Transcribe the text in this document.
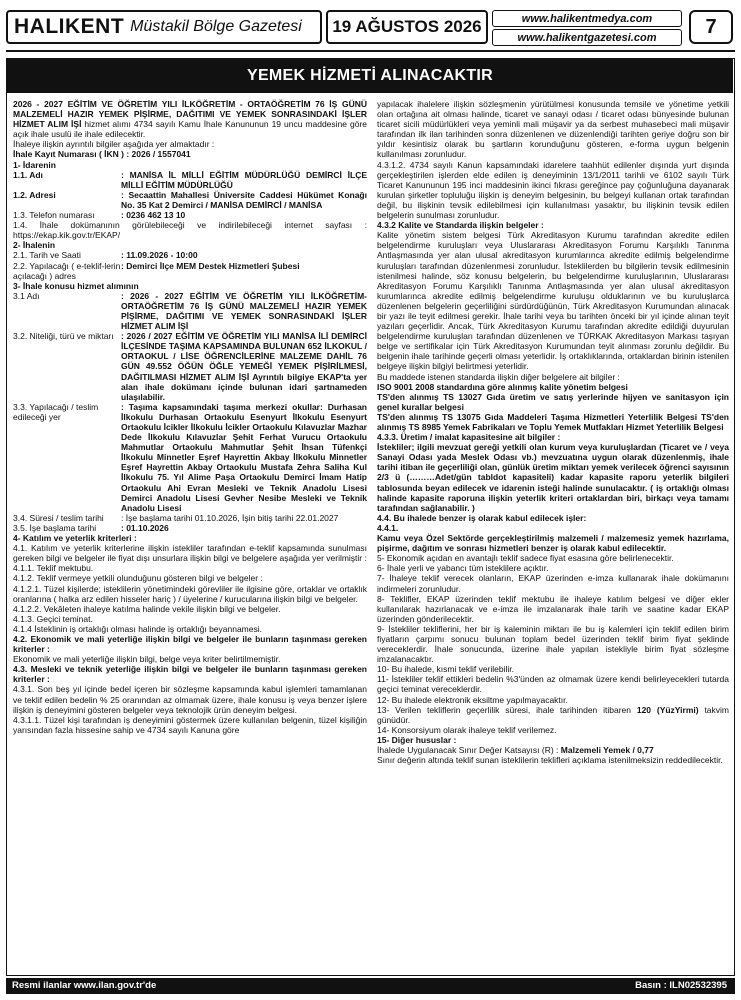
HALIKENT Müstakil Bölge Gazetesi	19 AĞUSTOS 2026	www.halikentmedya.com
www.halikentgazetesi.com	7
YEMEK HİZMETİ ALINACAKTIR

2026 - 2027 EĞİTİM VE ÖĞRETİM YILI İLKÖĞRETİM - ORTAÖĞRETİM 76 İŞ GÜNÜ MALZEMELİ HAZIR YEMEK PİŞİRME, DAĞITIMI VE YEMEK SONRASINDAKİ İŞLER HİZMET ALIM İŞİ hizmet alımı 4734 sayılı Kamu İhale Kanununun 19 uncu maddesine göre açık ihale usulü ile ihale edilecektir.

İhaleye ilişkin ayrıntılı bilgiler aşağıda yer almaktadır :

İhale Kayıt Numarası ( İKN ) : 2026 / 1557041

1- İdarenin

1.1. Adı	: MANİSA İL MİLLİ EĞİTİM MÜDÜRLÜĞÜ DEMİRCİ İLÇE MİLLİ EĞİTİM MÜDÜRLÜĞÜ
1.2. Adresi	: Secaattin Mahallesi Üniversite Caddesi Hükümet Konağı No. 35 Kat 2 Demirci / MANİSA DEMİRCİ / MANİSA
1.3. Telefon numarası	: 0236 462 13 10

1.4. İhale dokümanının görülebileceği ve indirilebileceği internet sayfası : https://ekap.kik.gov.tr/EKAP/

2- İhalenin

2.1. Tarih ve Saati	: 11.09.2026 - 10:00
2.2. Yapılacağı ( e-teklif-lerin açılacağı ) adres
: Demirci İlçe MEM Destek Hizmetleri Şubesi

3- İhale konusu hizmet alımının

3.1 Adı	: 2026 - 2027 EĞİTİM VE ÖĞRETİM YILI İLKÖĞRETİM-ORTAÖĞRETİM 76 İŞ GÜNÜ MALZEMELİ HAZIR YEMEK PİŞİRME, DAĞITIMI VE YEMEK SONRASINDAKİ İŞLER HİZMET ALIM İŞİ
3.2. Niteliği, türü ve miktarı : 2026 / 2027 EĞİTİM VE ÖĞRETİM YILI MANİSA İLİ DEMİRCİ İLÇESİNDE TAŞIMA KAPSAMINDA BULUNAN 652 İLKOKUL / ORTAOKUL / LİSE ÖĞRENCİLERİNE MALZEME DAHİL 76 GÜN 49.552 ÖĞÜN ÖĞLE YEMEĞİ YEMEK PİŞİRİLMESİ, DAĞITILMASI HİZMET ALIM İŞİ Ayrıntılı bilgiye EKAP'ta yer alan ihale dokümanı içinde bulunan idari şartnameden ulaşılabilir.
3.3. Yapılacağı / teslim edileceği yer
: Taşıma kapsamındaki taşıma merkezi okullar: Durhasan İlkokulu Durhasan Ortaokulu Esenyurt İlkokulu Esenyurt Ortaokulu İcikler İlkokulu İcikler Ortaokulu Kılavuzlar Mazhar Dede İlkokulu Kılavuzlar Şehit Ferhat Vurucu Ortaokulu Mahmutlar Ortaokulu Mahmutlar Şehit İhsan Tüfenkçi İlkokulu Minnetler Eşref Hayrettin Akbay İlkokulu Minnetler Eşref Hayrettin Akbay Ortaokulu Mustafa Zehra Saliha Kul İlkokulu 75. Yıl Alime Paşa Ortaokulu Demirci İmam Hatip Ortaokulu Ahi Evran Mesleki ve Teknik Anadolu Lisesi Demirci Anadolu Lisesi Gevher Nesibe Mesleki ve Teknik Anadolu Lisesi
3.4. Süresi / teslim tarihi	: İşe başlama tarihi 01.10.2026, İşin bitiş tarihi 22.01.2027
3.5. İşe başlama tarihi	: 01.10.2026

4- Katılım ve yeterlik kriterleri :

4.1. Katılım ve yeterlik kriterlerine ilişkin istekliler tarafından e-teklif kapsamında sunulması gereken bilgi ve belgeler ile fiyat dışı unsurlara ilişkin bilgi ve belgelere aşağıda yer verilmiştir :

4.1.1. Teklif mektubu.

4.1.2. Teklif vermeye yetkili olunduğunu gösteren bilgi ve belgeler :

4.1.2.1. Tüzel kişilerde; isteklilerin yönetimindeki görevliler ile ilgisine göre, ortaklar ve ortaklık oranlarına ( halka arz edilen hisseler hariç ) / üyelerine / kurucularına ilişkin bilgi ve belgeler.

4.1.2.2. Vekâleten ihaleye katılma halinde vekile ilişkin bilgi ve belgeler.

4.1.3. Geçici teminat.

4.1.4 İsteklinin iş ortaklığı olması halinde iş ortaklığı beyannamesi.

4.2. Ekonomik ve mali yeterliğe ilişkin bilgi ve belgeler ile bunların taşınması gereken kriterler :

Ekonomik ve mali yeterliğe ilişkin bilgi, belge veya kriter belirtilmemiştir.

4.3. Mesleki ve teknik yeterliğe ilişkin bilgi ve belgeler ile bunların taşınması gereken kriterler :

4.3.1. Son beş yıl içinde bedel içeren bir sözleşme kapsamında kabul işlemleri tamamlanan ve teklif edilen bedelin % 25 oranından az olmamak üzere, ihale konusu iş veya benzer işlere ilişkin iş deneyimini gösteren belgeler veya teknolojik ürün deneyim belgesi.

4.3.1.1. Tüzel kişi tarafından iş deneyimini göstermek üzere kullanılan belgenin, tüzel kişiliğin yarısından fazla hissesine sahip ve 4734 sayılı Kanuna göre

yapılacak ihalelere ilişkin sözleşmenin yürütülmesi konusunda temsile ve yönetime yetkili olan ortağına ait olması halinde, ticaret ve sanayi odası / ticaret odası bünyesinde bulunan ticaret sicili müdürlükleri veya yeminli mali müşavir ya da serbest muhasebeci mali müşavir tarafından ilk ilan tarihinden sonra düzenlenen ve düzenlendiği tarihten geriye doğru son bir yıldır kesintisiz olarak bu şartların korunduğunu gösteren, e-forma uygun belgenin kullanılması zorunludur.

4.3.1.2. 4734 sayılı Kanun kapsamındaki idarelere taahhüt edilenler dışında yurt dışında gerçekleştirilen işlerden elde edilen iş deneyiminin 13/1/2011 tarihli ve 6102 sayılı Türk Ticaret Kanununun 195 inci maddesinin ikinci fıkrası gereğince pay çoğunluğuna dayanarak kurulan şirketler topluluğu ilişkin iş deneyim belgesinin, bu belgeyi kullanan ortak tarafından değil, bu ilişkinin tevsik edilebilmesi için kullanılması yasaktır, bu ilişkinin tevsik edilen belgelerin sunulması zorunludur.

4.3.2 Kalite ve Standarda ilişkin belgeler :

Kalite yönetim sistem belgesi Türk Akreditasyon Kurumu tarafından akredite edilen belgelendirme kuruluşları veya Uluslararası Akreditasyon Forumu Karşılıklı Tanınma Antlaşmasında yer alan ulusal akreditasyon kurumlarınca akredite edilmiş belgelendirme kuruluşları tarafından düzenlenmesi zorunludur. İsteklilerden bu bilgilerin tevsik edilmesinin istenilmesi halinde, söz konusu belgelerin, bu belgelendirme kuruluşlarının, Uluslararası Akreditasyon Forumu Karşılıklı Tanınma Antlaşmasında yer alan ulusal akreditasyon kurumlarınca akredite edilmiş belgelendirme kuruluşu olduklarının ve bu kuruluşlarca düzenlenen belgelerin geçerliliğini sürdürdüğünün, Türk Akreditasyon Kurumundan alınacak bir yazı ile teyit edilmesi gerekir. İhale tarihi veya bu tarihten önceki bir yıl içinde alınan teyit yazıları geçerlidir. Ancak, Türk Akreditasyon Kurumu tarafından akredite edildiği duyurulan belgelendirme kuruluşları tarafından düzenlenen ve TÜRKAK Akreditasyon Markası taşıyan belge ve sertifikalar için Türk Akreditasyon Kurumundan teyit alınması zorunlu değildir. Bu belgenin ihale tarihinde geçerli olması yeterlidir. İş ortaklıklarında, ortaklardan birinin istenilen belgeye ilişkin bilgiyi belirtmesi yeterlidir.

Bu maddede istenen standarda ilişkin diğer belgelere ait bilgiler :

ISO 9001 2008 standardına göre alınmış kalite yönetim belgesi

TS'den alınmış TS 13027 Gıda üretim ve satış yerlerinde hijyen ve sanitasyon için genel kurallar belgesi

TS'den alınmış TS 13075 Gıda Maddeleri Taşıma Hizmetleri Yeterlilik Belgesi TS'den alınmış TS 8985 Yemek Fabrikaları ve Toplu Yemek Mutfakları Hizmet Yeterlilik Belgesi

4.3.3. Üretim / imalat kapasitesine ait bilgiler :

İstekliler; ilgili mevzuat gereği yetkili olan kurum veya kuruluşlardan (Ticaret ve / veya Sanayi Odası yada Meslek Odası vb.) mevzuatına uygun olarak düzenlenmiş, ihale tarihi itiban ile geçerliliği olan, günlük üretim miktarı yemek verilecek öğrenci sayısının 2/3 ü (………Adet/gün tabldot kapasiteli) kadar kapasite raporu yeterlik bilgileri tablosunda beyan edilecek ve idarenin isteği halinde sunulacaktır. ( iş ortaklığı olması halinde kapasite raporuna ilişkin yeterlik kriteri ortaklardan biri, birkaçı veya tamamı tarafından sağlanabilir. )

4.4. Bu ihalede benzer iş olarak kabul edilecek işler:

4.4.1.

Kamu veya Özel Sektörde gerçekleştirilmiş malzemeli / malzemesiz yemek hazırlama, pişirme, dağıtım ve sonrası hizmetleri benzer iş olarak kabul edilecektir.

5- Ekonomik açıdan en avantajlı teklif sadece fiyat esasına göre belirlenecektir.

6- İhale yerli ve yabancı tüm isteklilere açıktır.

7- İhaleye teklif verecek olanların, EKAP üzerinden e-imza kullanarak ihale dokümanını indirmeleri zorunludur.

8- Teklifler, EKAP üzerinden teklif mektubu ile ihaleye katılım belgesi ve diğer ekler kullanılarak hazırlanacak ve e-imza ile imzalanarak ihale tarih ve saatine kadar EKAP üzerinden gönderilecektir.

9- İstekliler tekliflerini, her bir iş kaleminin miktarı ile bu iş kalemleri için teklif edilen birim fiyatların çarpımı sonucu bulunan toplam bedel üzerinden teklif birim fiyat şeklinde vereceklerdir. İhale sonucunda, üzerine ihale yapılan istekliyle birim fiyat sözleşme imzalanacaktır.

10- Bu ihalede, kısmi teklif verilebilir.

11- İstekliler teklif ettikleri bedelin %3'ünden az olmamak üzere kendi belirleyecekleri tutarda geçici teminat vereceklerdir.

12- Bu ihalede elektronik eksiltme yapılmayacaktır.

13- Verilen tekliflerin geçerlilik süresi, ihale tarihinden itibaren 120 (YüzYirmi) takvim günüdür.

14- Konsorsiyum olarak ihaleye teklif verilemez.

15- Diğer hususlar :

İhalede Uygulanacak Sınır Değer Katsayısı (R) : Malzemeli Yemek / 0,77

Sınır değerin altında teklif sunan isteklilerin teklifleri açıklama istenilmeksizin reddedilecektir.

Resmi ilanlar www.ilan.gov.tr'de	Basın : ILN02532395
